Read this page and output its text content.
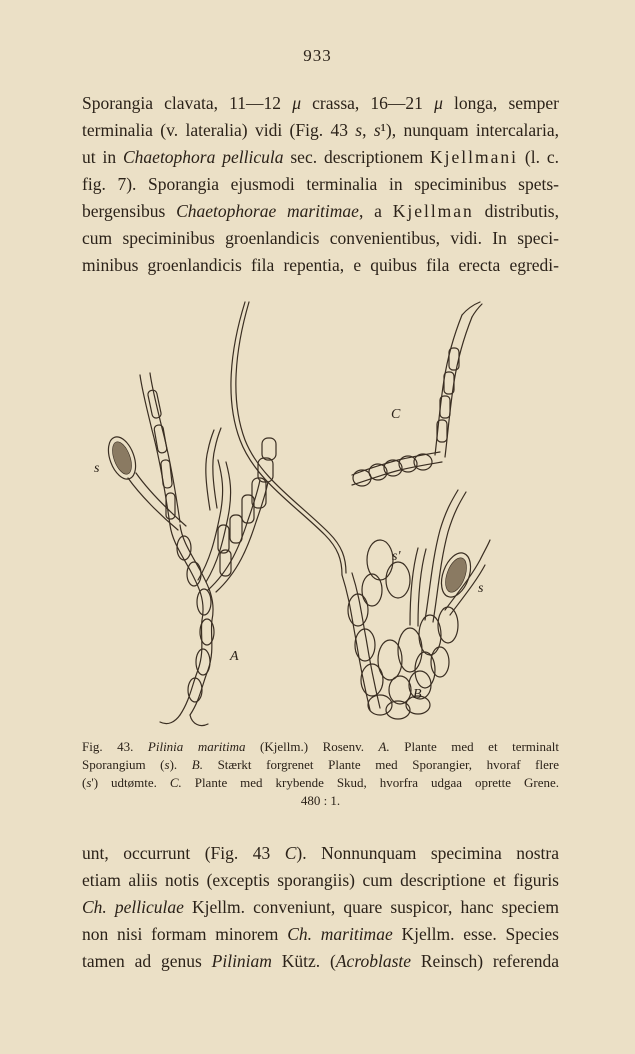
933
Sporangia clavata, 11—12 μ crassa, 16—21 μ longa, semper
terminalia (v. lateralia) vidi (Fig. 43 s, s¹), nunquam intercalaria,
ut in Chaetophora pellicula sec. descriptionem Kjellmani (l. c.
fig. 7). Sporangia ejusmodi terminalia in speciminibus spets-
bergensibus Chaetophorae maritimae, a Kjellman distributis,
cum speciminibus groenlandicis convenientibus, vidi. In speci-
minibus groenlandicis fila repentia, e quibus fila erecta egredi-
s
C
s'
s
A
B
Fig. 43. Pilinia maritima (Kjellm.) Rosenv. A. Plante med et terminalt
Sporangium (s). B. Stærkt forgrenet Plante med Sporangier, hvoraf flere
(s') udtømte. C. Plante med krybende Skud, hvorfra udgaa oprette Grene.
480 : 1.
unt, occurrunt (Fig. 43 C). Nonnunquam specimina nostra
etiam aliis notis (exceptis sporangiis) cum descriptione et figuris
Ch. pelliculae Kjellm. conveniunt, quare suspicor, hanc speciem
non nisi formam minorem Ch. maritimae Kjellm. esse. Species
tamen ad genus Piliniam Kütz. (Acroblaste Reinsch) referenda
